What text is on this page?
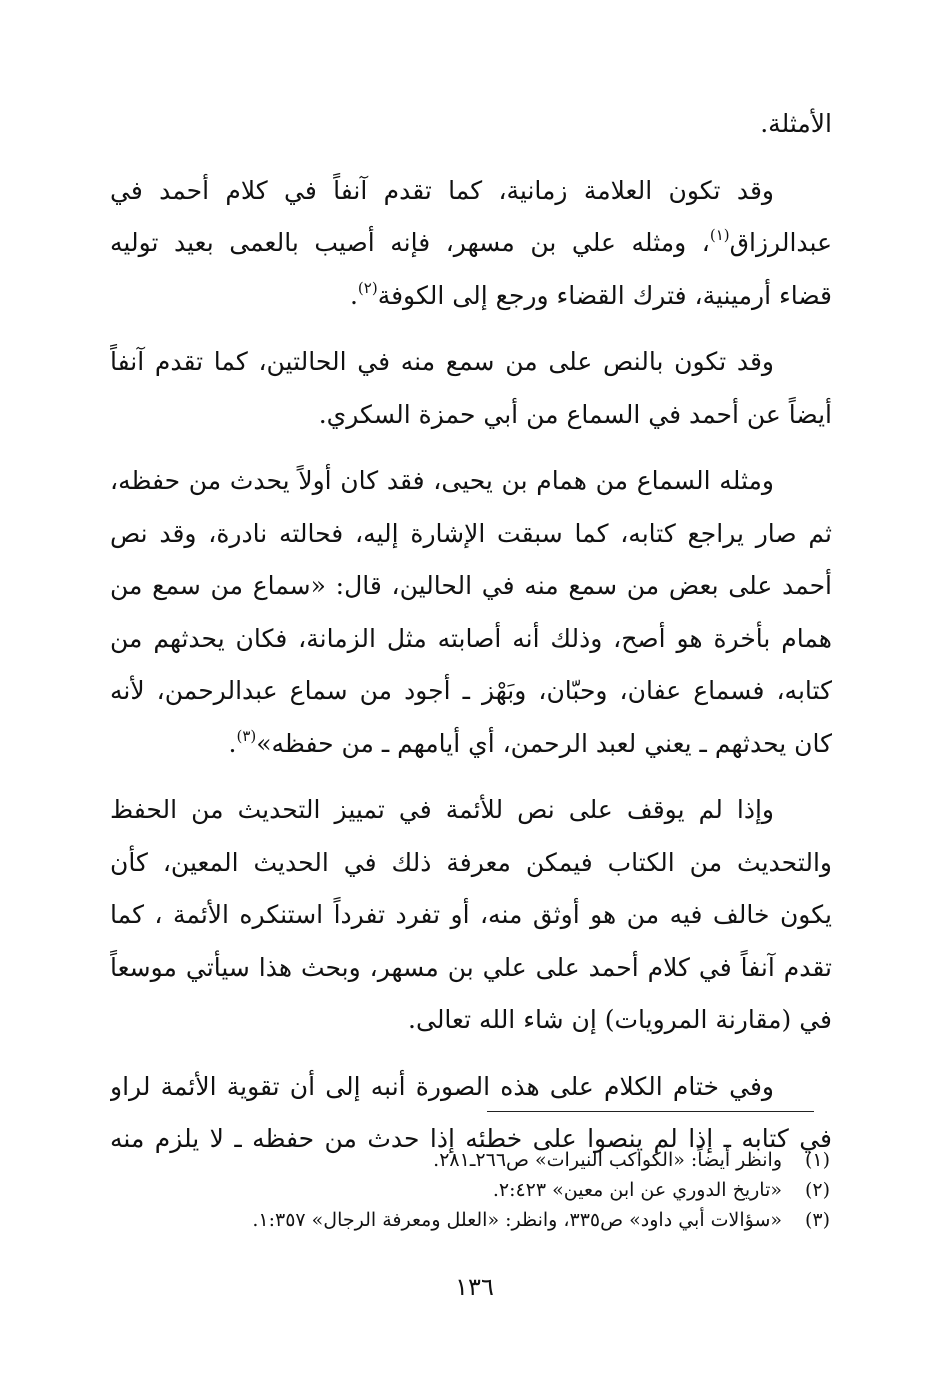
الأمثلة.
وقد تكون العلامة زمانية، كما تقدم آنفاً في كلام أحمد في
عبدالرزاق$^{(١)}$، ومثله علي بن مسهر، فإنه أصيب بالعمى بعيد توليه
قضاء أرمينية، فترك القضاء ورجع إلى الكوفة$^{(٢)}$.
وقد تكون بالنص على من سمع منه في الحالتين، كما تقدم آنفاً
أيضاً عن أحمد في السماع من أبي حمزة السكري.
ومثله السماع من همام بن يحيى، فقد كان أولاً يحدث من حفظه،
ثم صار يراجع كتابه، كما سبقت الإشارة إليه، فحالته نادرة، وقد نص
أحمد على بعض من سمع منه في الحالين، قال: «سماع من سمع من
همام بأخرة هو أصح، وذلك أنه أصابته مثل الزمانة، فكان يحدثهم من
كتابه، فسماع عفان، وحبّان، وبَهْز ـ أجود من سماع عبدالرحمن، لأنه
كان يحدثهم ـ يعني لعبد الرحمن، أي أيامهم ـ من حفظه»$^{(٣)}$.
وإذا لم يوقف على نص للأئمة في تمييز التحديث من الحفظ
والتحديث من الكتاب فيمكن معرفة ذلك في الحديث المعين، كأن
يكون خالف فيه من هو أوثق منه، أو تفرد تفرداً استنكره الأئمة ، كما
تقدم آنفاً في كلام أحمد على علي بن مسهر، وبحث هذا سيأتي موسعاً
في (مقارنة المرويات) إن شاء الله تعالى.
وفي ختام الكلام على هذه الصورة أنبه إلى أن تقوية الأئمة لراو
في كتابه ـ إذا لم ينصوا على خطئه إذا حدث من حفظه ـ لا يلزم منه
(١)وانظر أيضاً: «الكواكب النيرات» ص٢٦٦ـ٢٨١.
(٢)«تاريخ الدوري عن ابن معين» ٢:٤٢٣.
(٣)«سؤالات أبي داود» ص٣٣٥، وانظر: «العلل ومعرفة الرجال» ١:٣٥٧.
١٣٦
